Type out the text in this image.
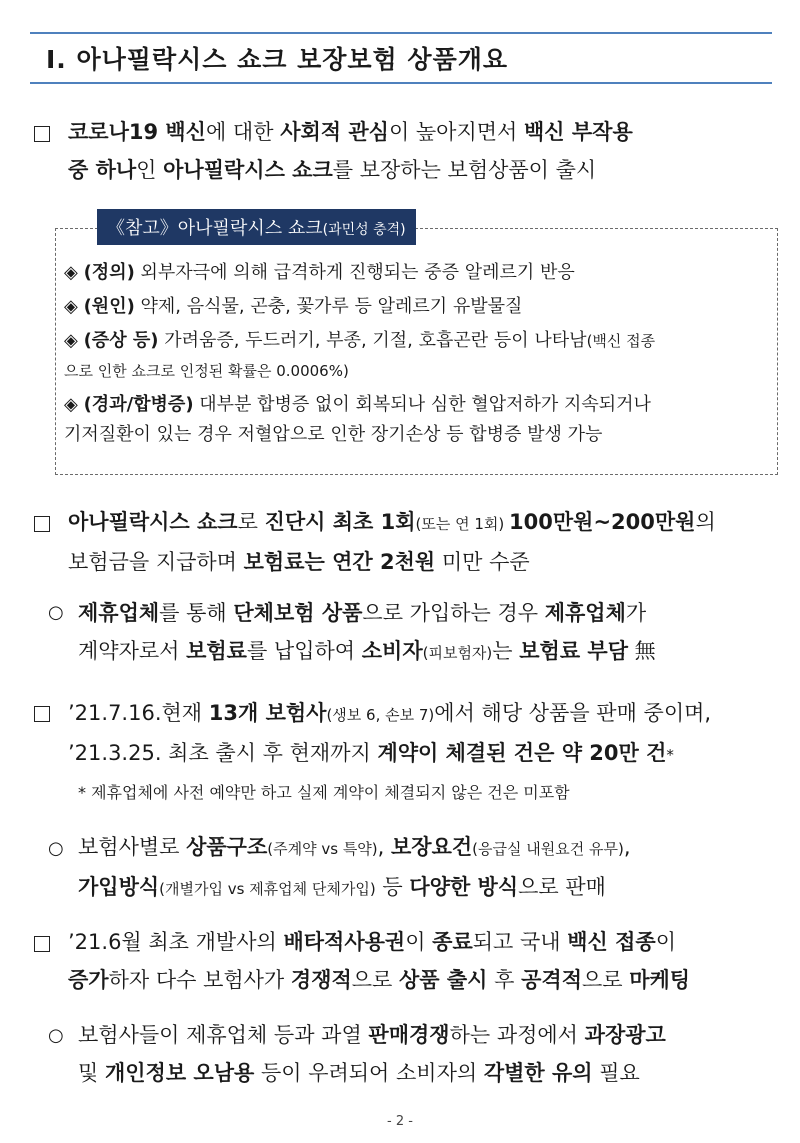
Ⅰ. 아나필락시스 쇼크 보장보험 상품개요
코로나19 백신에 대한 사회적 관심이 높아지면서 백신 부작용
중 하나인 아나필락시스 쇼크를 보장하는 보험상품이 출시
《참고》아나필락시스 쇼크(과민성 충격)
◈ (정의) 외부자극에 의해 급격하게 진행되는 중증 알레르기 반응
◈ (원인) 약제, 음식물, 곤충, 꽃가루 등 알레르기 유발물질
◈ (증상 등) 가려움증, 두드러기, 부종, 기절, 호흡곤란 등이 나타남(백신 접종
으로 인한 쇼크로 인정된 확률은 0.0006%)
◈ (경과/합병증) 대부분 합병증 없이 회복되나 심한 혈압저하가 지속되거나
기저질환이 있는 경우 저혈압으로 인한 장기손상 등 합병증 발생 가능
아나필락시스 쇼크로 진단시 최초 1회(또는 연 1회) 100만원~200만원의
보험금을 지급하며 보험료는 연간 2천원 미만 수준
○ 제휴업체를 통해 단체보험 상품으로 가입하는 경우 제휴업체가
계약자로서 보험료를 납입하여 소비자(피보험자)는 보험료 부담 無
’21.7.16.현재 13개 보험사(생보 6, 손보 7)에서 해당 상품을 판매 중이며,
’21.3.25. 최초 출시 후 현재까지 계약이 체결된 건은 약 20만 건*
* 제휴업체에 사전 예약만 하고 실제 계약이 체결되지 않은 건은 미포함
○ 보험사별로 상품구조(주계약 vs 특약), 보장요건(응급실 내원요건 유무),
가입방식(개별가입 vs 제휴업체 단체가입) 등 다양한 방식으로 판매
’21.6월 최초 개발사의 배타적사용권이 종료되고 국내 백신 접종이
증가하자 다수 보험사가 경쟁적으로 상품 출시 후 공격적으로 마케팅
○ 보험사들이 제휴업체 등과 과열 판매경쟁하는 과정에서 과장광고
및 개인정보 오남용 등이 우려되어 소비자의 각별한 유의 필요
- 2 -
